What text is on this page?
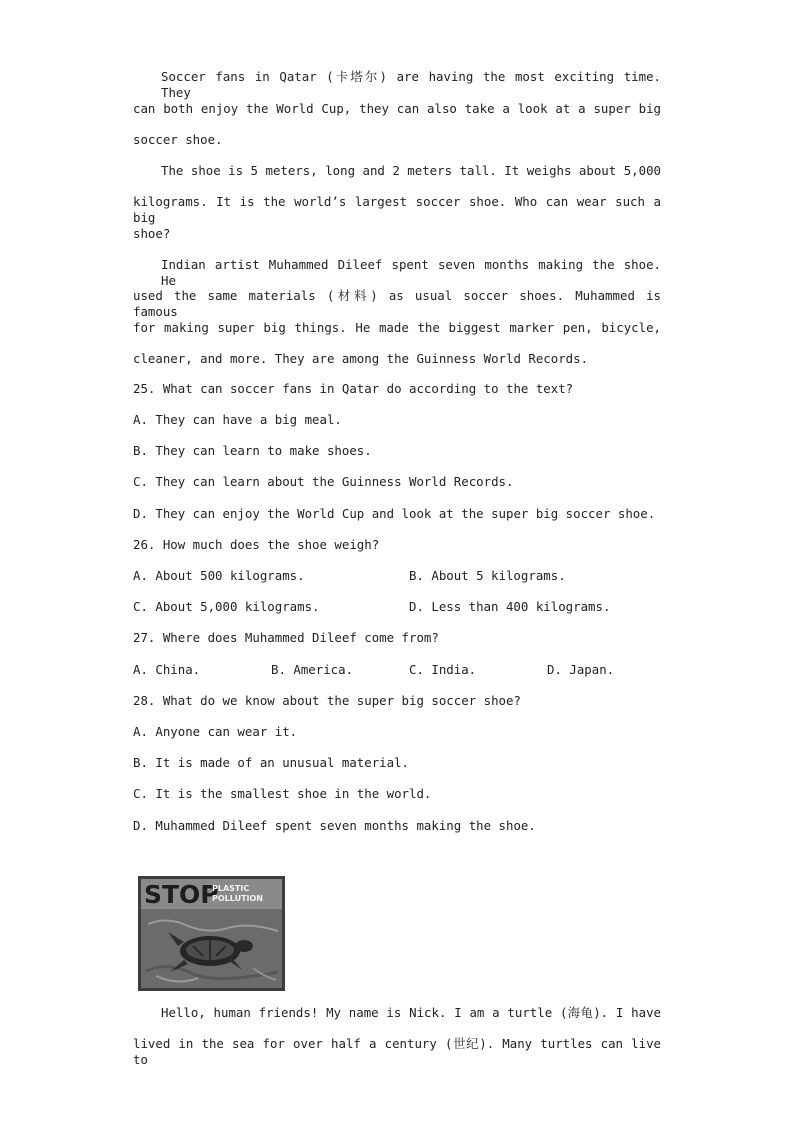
Soccer fans in Qatar (卡塔尔) are having the most exciting time. They
can both enjoy the World Cup, they can also take a look at a super big
soccer shoe.
The shoe is 5 meters, long and 2 meters tall. It weighs about 5,000
kilograms. It is the world’s largest soccer shoe. Who can wear such a big
shoe?
Indian artist Muhammed Dileef spent seven months making the shoe. He
used the same materials (材料) as usual soccer shoes. Muhammed is famous
for making super big things. He made the biggest marker pen, bicycle,
cleaner, and more. They are among the Guinness World Records.
25. What can soccer fans in Qatar do according to the text?
A. They can have a big meal.
B. They can learn to make shoes.
C. They can learn about the Guinness World Records.
D. They can enjoy the World Cup and look at the super big soccer shoe.
26. How much does the shoe weigh?

A. About 500 kilograms.

	B. About 5 kilograms.

C. About 5,000 kilograms.

	D. Less than 400 kilograms.

27. Where does Muhammed Dileef come from?

A. China.

	B. America.

	C. India.

	D. Japan.

28. What do we know about the super big soccer shoe?
A. Anyone can wear it.
B. It is made of an unusual material.
C. It is the smallest shoe in the world.
D. Muhammed Dileef spent seven months making the shoe.
STOP
PLASTIC
POLLUTION
Hello, human friends! My name is Nick. I am a turtle (海龟). I have
lived in the sea for over half a century (世纪). Many turtles can live to
